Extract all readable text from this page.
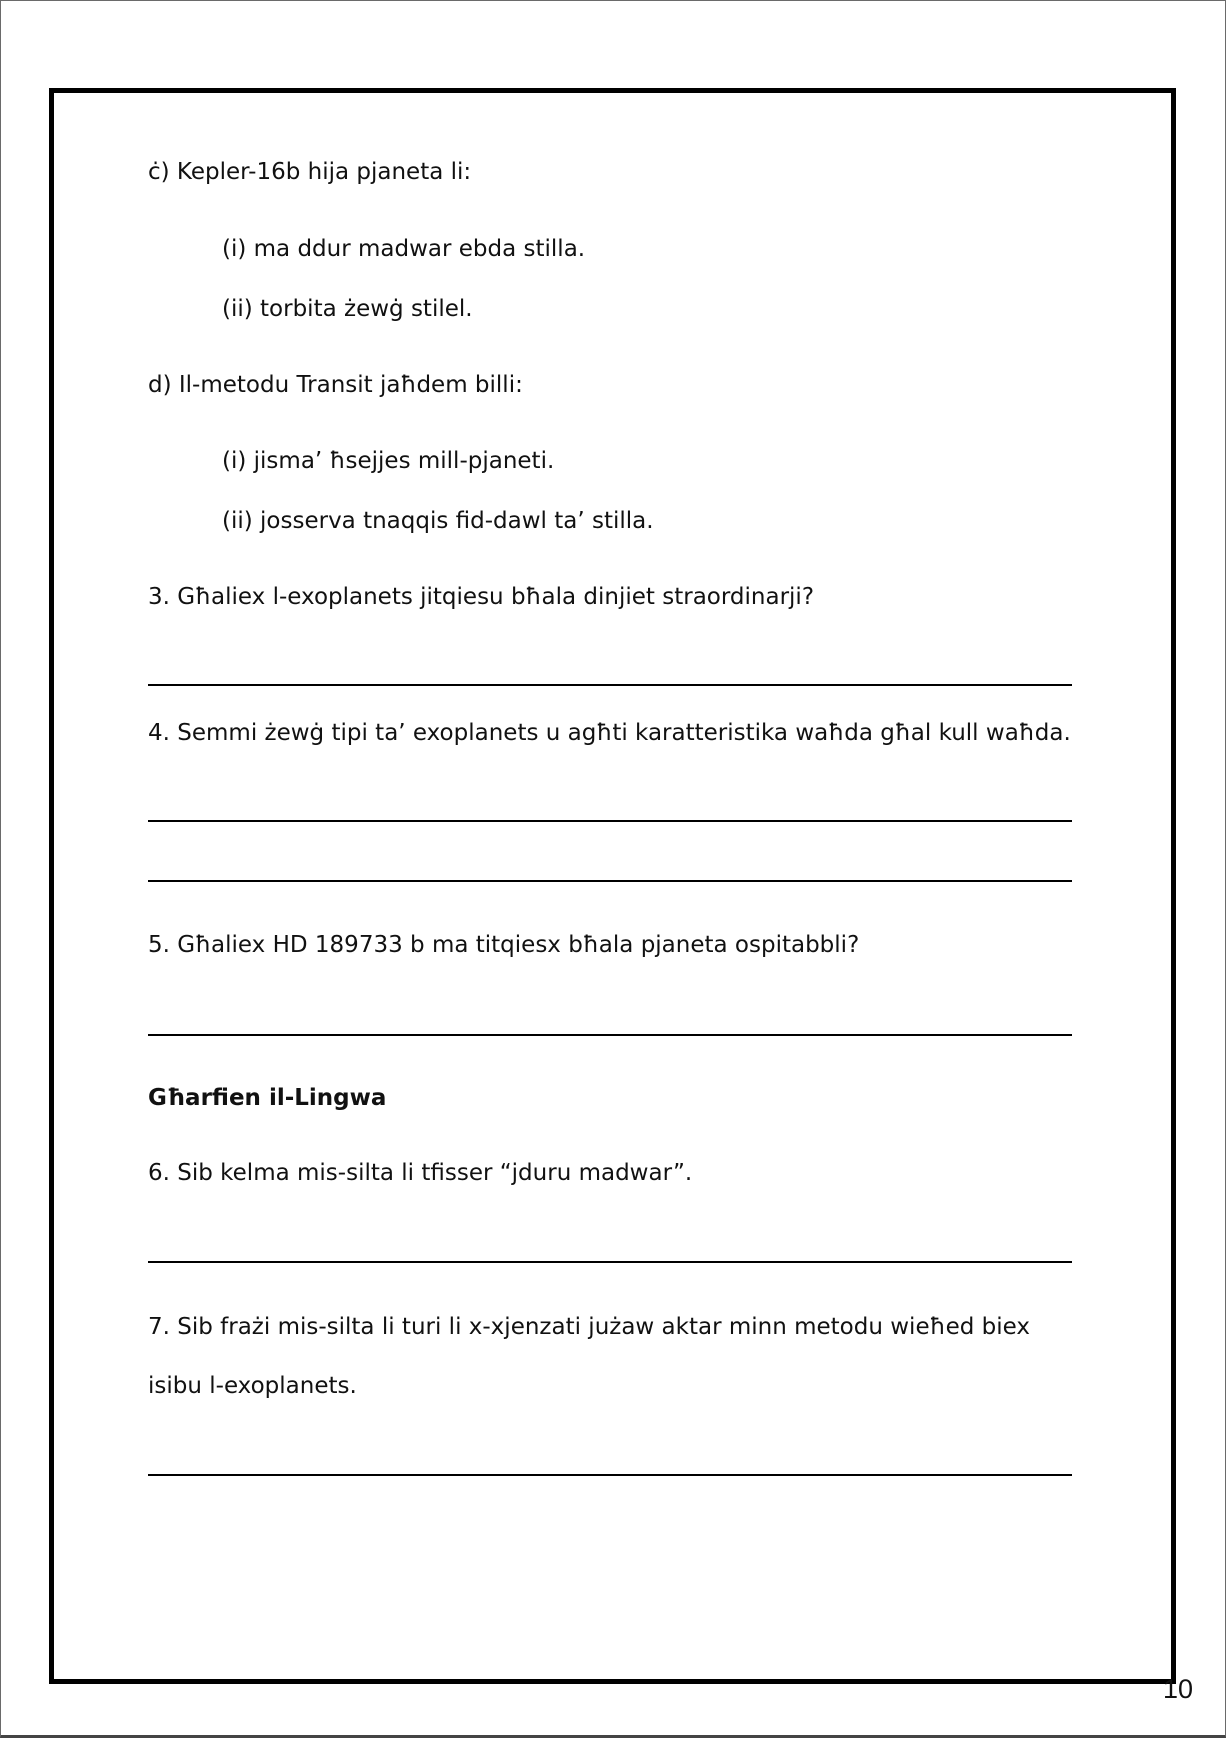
ċ) Kepler-16b hija pjaneta li:
(i) ma ddur madwar ebda stilla.
(ii) torbita żewġ stilel.
d) Il-metodu Transit jaħdem billi:
(i) jisma’ ħsejjes mill-pjaneti.
(ii) josserva tnaqqis fid-dawl ta’ stilla.
3. Għaliex l-exoplanets jitqiesu bħala dinjiet straordinarji?
4. Semmi żewġ tipi ta’ exoplanets u agħti karatteristika waħda għal kull waħda.
5. Għaliex HD 189733 b ma titqiesx bħala pjaneta ospitabbli?
Għarfien il-Lingwa
6. Sib kelma mis-silta li tfisser “jduru madwar”.
7. Sib frażi mis-silta li turi li x-xjenzati jużaw aktar minn metodu wieħed biex
isibu l-exoplanets.
10
